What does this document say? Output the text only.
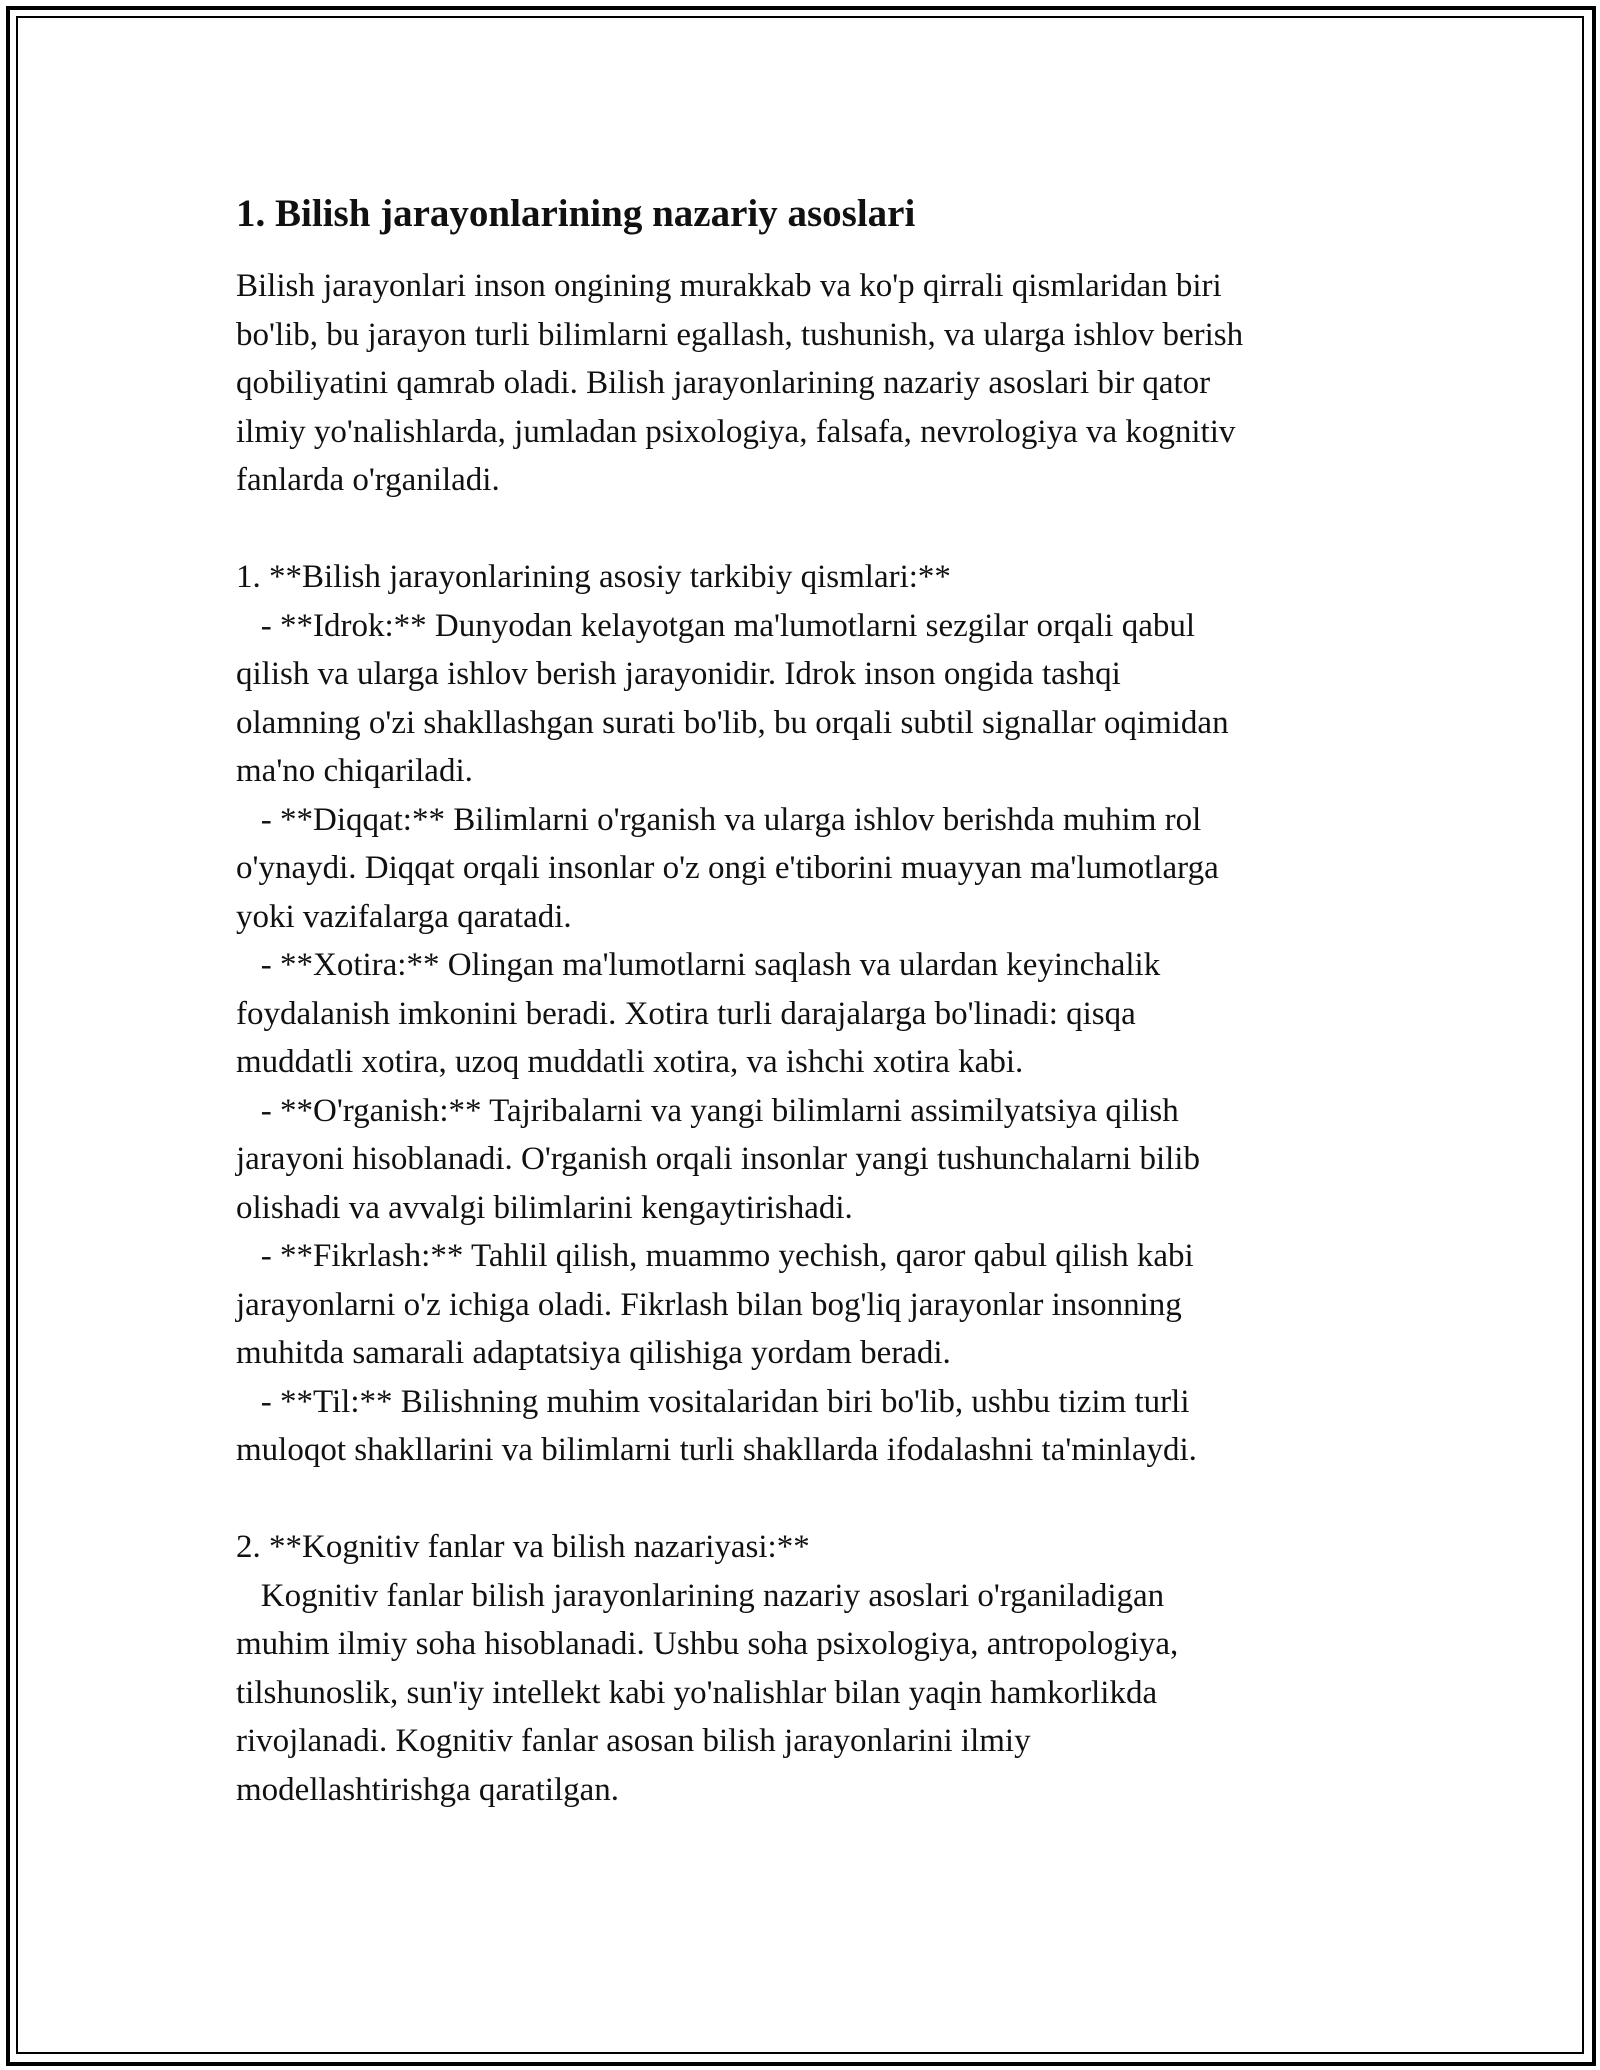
1. Bilish jarayonlarining nazariy asoslari

Bilish jarayonlari inson ongining murakkab va ko'p qirrali qismlaridan biri
bo'lib, bu jarayon turli bilimlarni egallash, tushunish, va ularga ishlov berish
qobiliyatini qamrab oladi. Bilish jarayonlarining nazariy asoslari bir qator
ilmiy yo'nalishlarda, jumladan psixologiya, falsafa, nevrologiya va kognitiv
fanlarda o'rganiladi.

1. **Bilish jarayonlarining asosiy tarkibiy qismlari:**
- **Idrok:** Dunyodan kelayotgan ma'lumotlarni sezgilar orqali qabul
qilish va ularga ishlov berish jarayonidir. Idrok inson ongida tashqi
olamning o'zi shakllashgan surati bo'lib, bu orqali subtil signallar oqimidan
ma'no chiqariladi.
- **Diqqat:** Bilimlarni o'rganish va ularga ishlov berishda muhim rol
o'ynaydi. Diqqat orqali insonlar o'z ongi e'tiborini muayyan ma'lumotlarga
yoki vazifalarga qaratadi.
- **Xotira:** Olingan ma'lumotlarni saqlash va ulardan keyinchalik
foydalanish imkonini beradi. Xotira turli darajalarga bo'linadi: qisqa
muddatli xotira, uzoq muddatli xotira, va ishchi xotira kabi.
- **O'rganish:** Tajribalarni va yangi bilimlarni assimilyatsiya qilish
jarayoni hisoblanadi. O'rganish orqali insonlar yangi tushunchalarni bilib
olishadi va avvalgi bilimlarini kengaytirishadi.
- **Fikrlash:** Tahlil qilish, muammo yechish, qaror qabul qilish kabi
jarayonlarni o'z ichiga oladi. Fikrlash bilan bog'liq jarayonlar insonning
muhitda samarali adaptatsiya qilishiga yordam beradi.
- **Til:** Bilishning muhim vositalaridan biri bo'lib, ushbu tizim turli
muloqot shakllarini va bilimlarni turli shakllarda ifodalashni ta'minlaydi.

2. **Kognitiv fanlar va bilish nazariyasi:**
Kognitiv fanlar bilish jarayonlarining nazariy asoslari o'rganiladigan
muhim ilmiy soha hisoblanadi. Ushbu soha psixologiya, antropologiya,
tilshunoslik, sun'iy intellekt kabi yo'nalishlar bilan yaqin hamkorlikda
rivojlanadi. Kognitiv fanlar asosan bilish jarayonlarini ilmiy
modellashtirishga qaratilgan.
